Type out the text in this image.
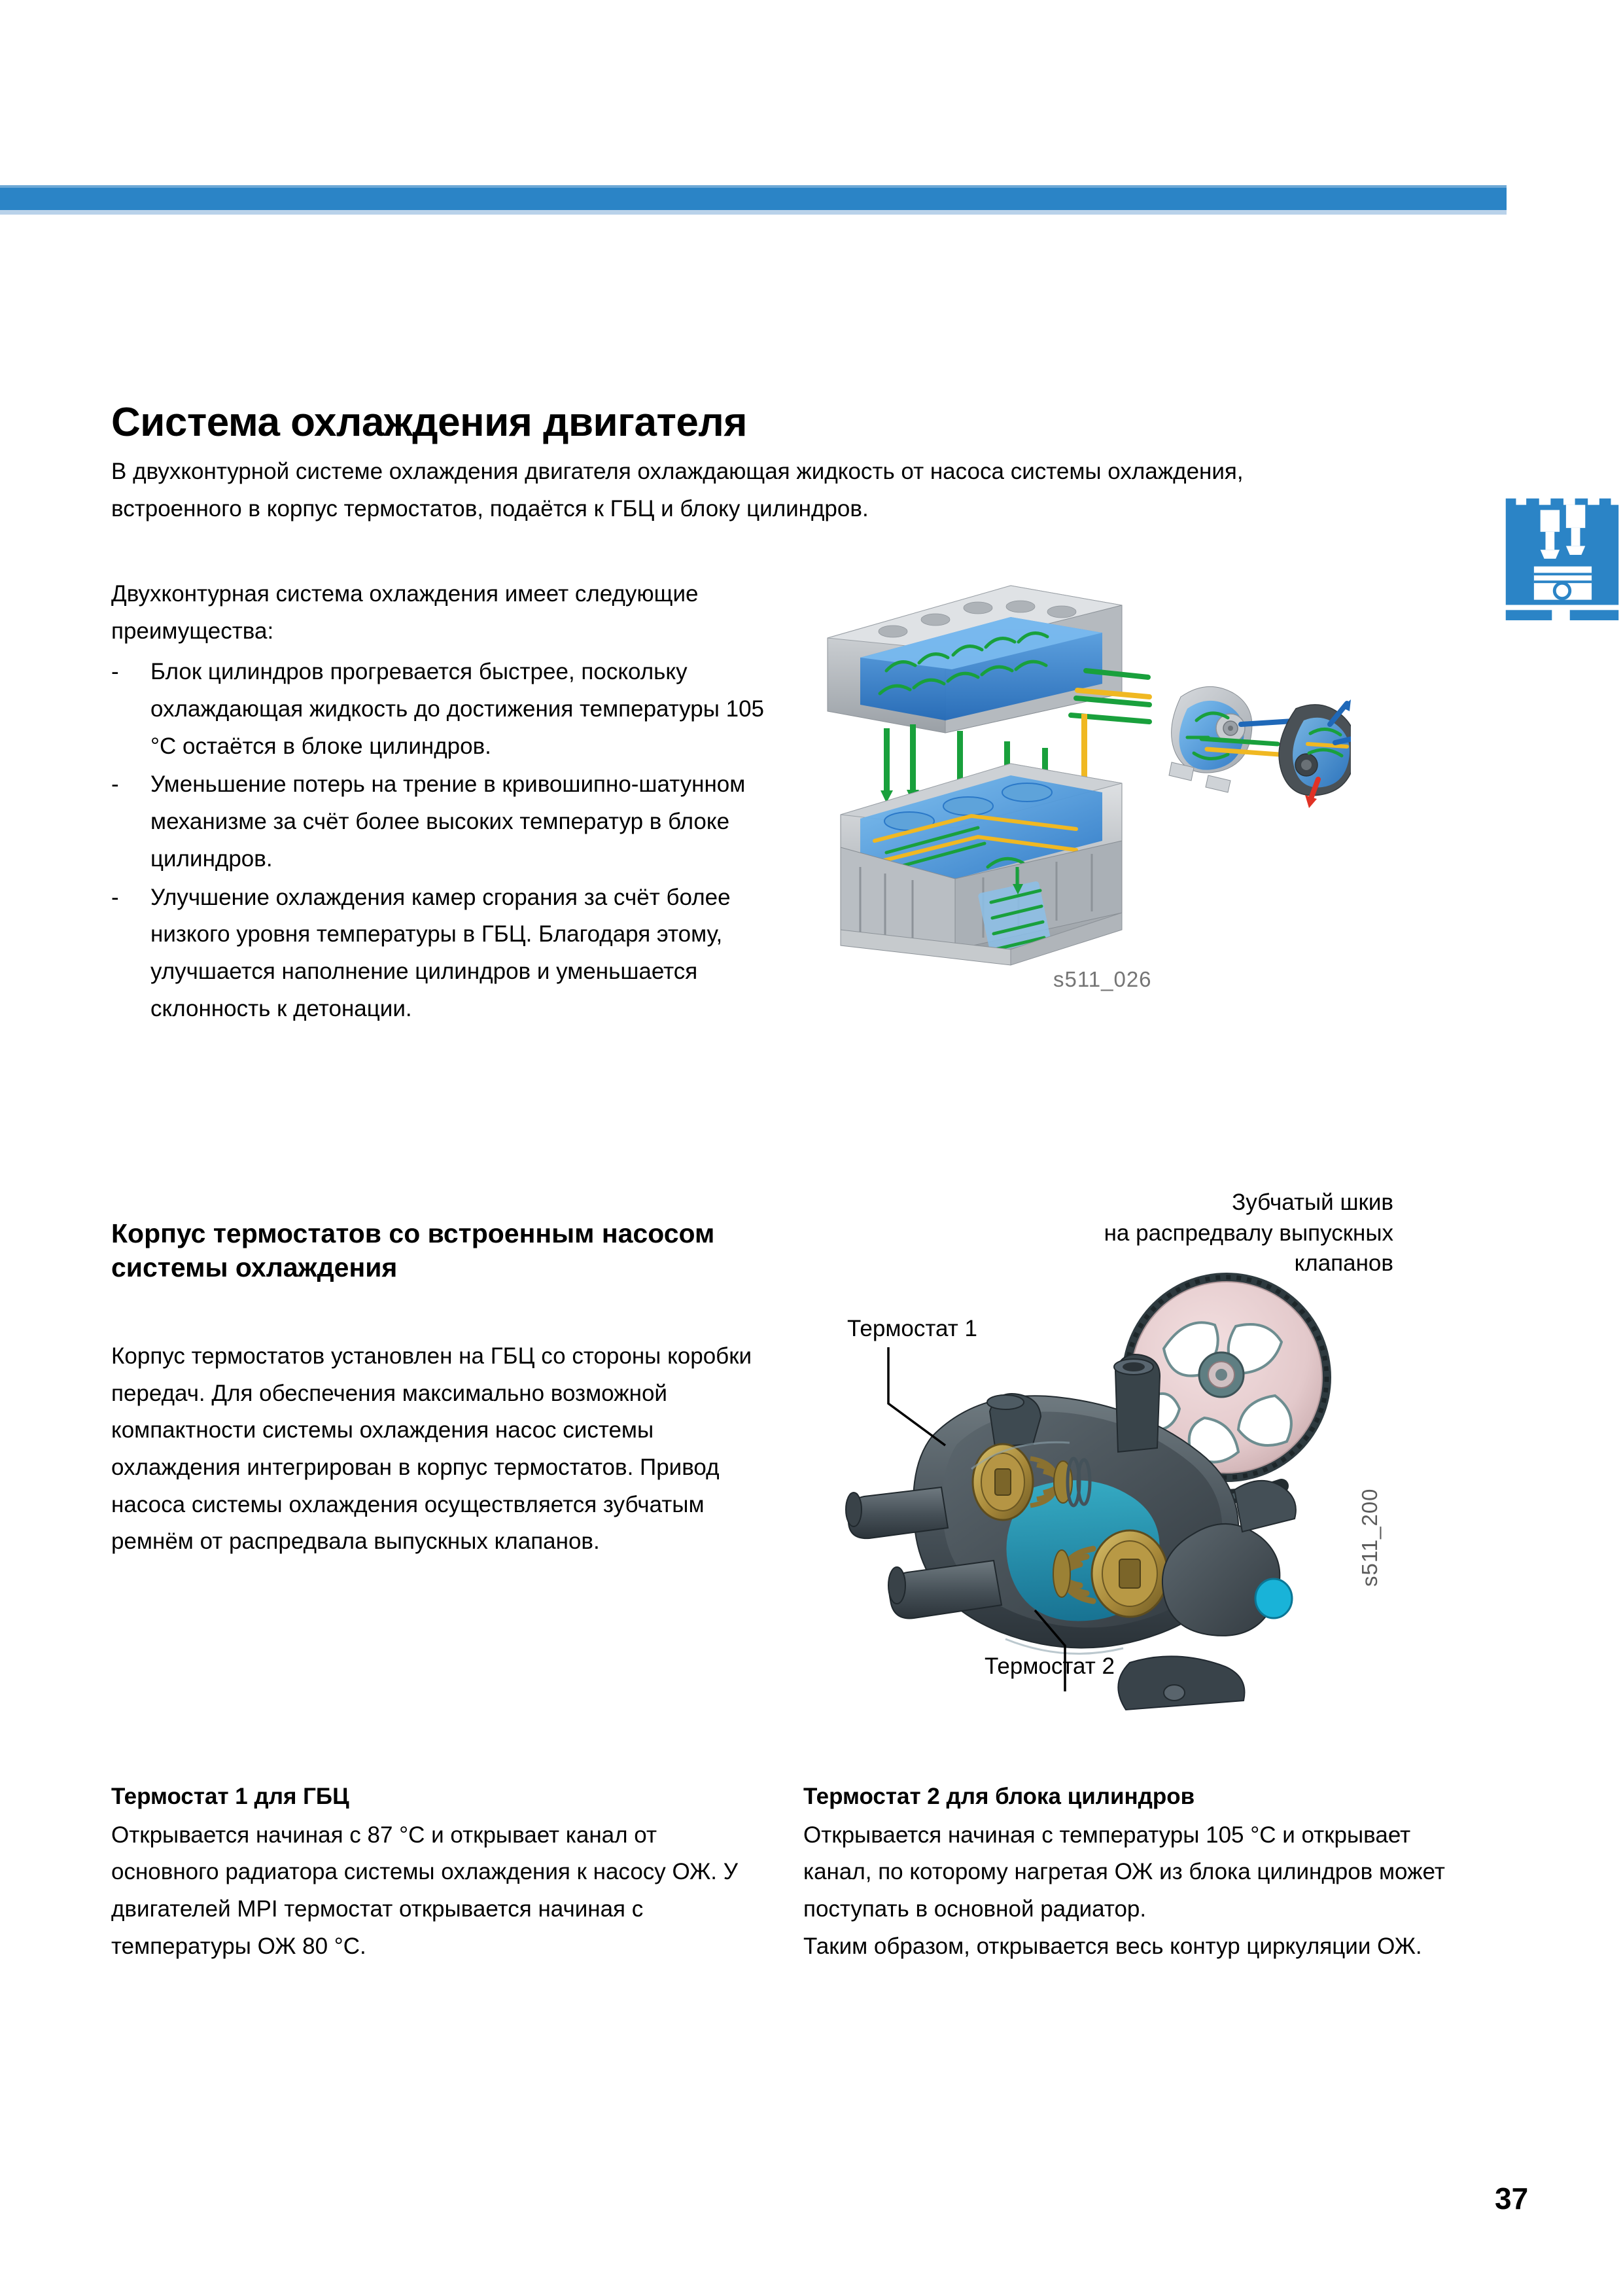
Система охлаждения двигателя
В двухконтурной системе охлаждения двигателя охлаждающая жидкость от насоса системы охлаждения,
встроенного в корпус термостатов, подаётся к ГБЦ и блоку цилиндров.

Двухконтурная система охлаждения имеет следующие преимущества:

-	Блок цилиндров прогревается быстрее, поскольку охлаждающая жидкость до достижения температуры 105 °C остаётся в блоке цилиндров.
-	Уменьшение потерь на трение в кривошипно-шатунном механизме за счёт более высоких температур в блоке цилиндров.
-	Улучшение охлаждения камер сгорания за счёт более низкого уровня температуры в ГБЦ. Благодаря этому, улучшается наполнение цилиндров и уменьшается склонность к детонации.
s511_026
Корпус термостатов со встроенным насосом системы охлаждения

Корпус термостатов установлен на ГБЦ со стороны коробки передач. Для обеспечения максимально возможной компактности системы охлаждения насос системы охлаждения интегрирован в корпус термостатов. Привод насоса системы охлаждения осуществляется зубчатым ремнём от распредвала выпускных клапанов.

Зубчатый шкив
на распредвалу выпускных
клапанов
Термостат 1
Термостат 2
s511_200
Термостат 1 для ГБЦ
Открывается начиная с 87 °C и открывает канал от основного радиатора системы охлаждения к насосу ОЖ. У двигателей MPI термостат открывается начиная с температуры ОЖ 80 °C.
Термостат 2 для блока цилиндров
Открывается начиная с температуры 105 °C и открывает канал, по которому нагретая ОЖ из блока цилиндров может поступать в основной радиатор.
Таким образом, открывается весь контур циркуляции ОЖ.
37
